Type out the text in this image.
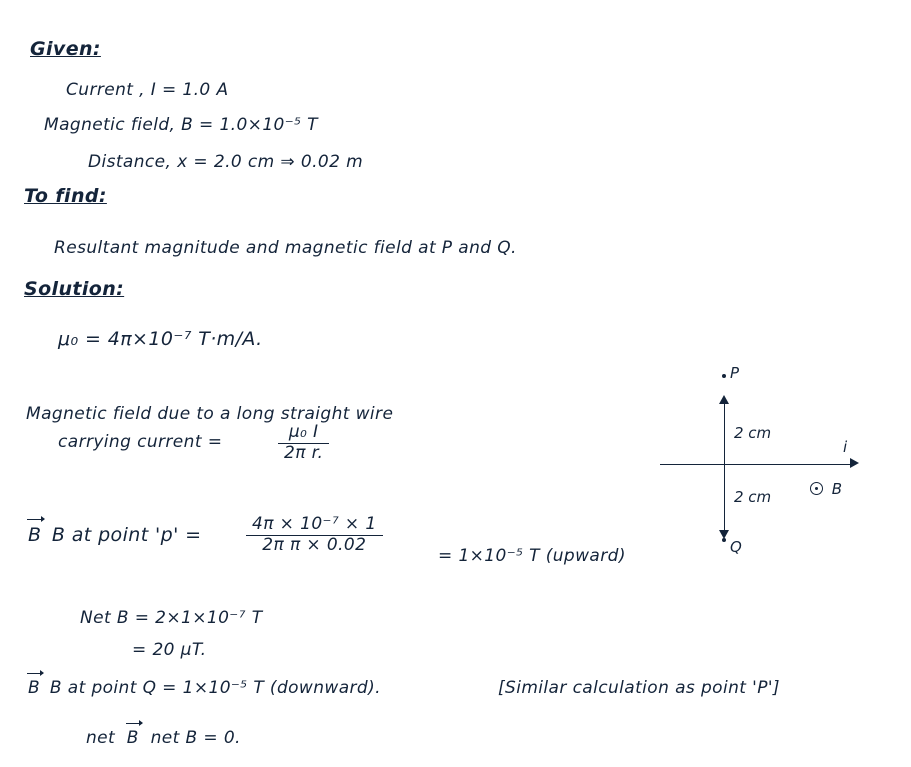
Given:
Current , I = 1.0 A
Magnetic field, B = 1.0×10⁻⁵ T
Distance, x = 2.0 cm ⇒ 0.02 m
To find:
Resultant magnitude and magnetic field at P and Q.
Solution:
μ₀ = 4π×10⁻⁷ T·m/A.
Magnetic field due to a long straight wire
carrying current =	$\frac{\text{μ₀ I}}{\text{2π r.}}$
B B at point 'p' =	$\frac{\text{4π × 10⁻⁷ × 1}}{\text{2π π × 0.02}}$
= 1×10⁻⁵ T (upward)
Net B = 2×1×10⁻⁷ T
= 20 μT.
B B at point Q = 1×10⁻⁵ T (downward).	[Similar calculation as point 'P']
net  B net B = 0.
P
Q
2 cm
2 cm
i
B
